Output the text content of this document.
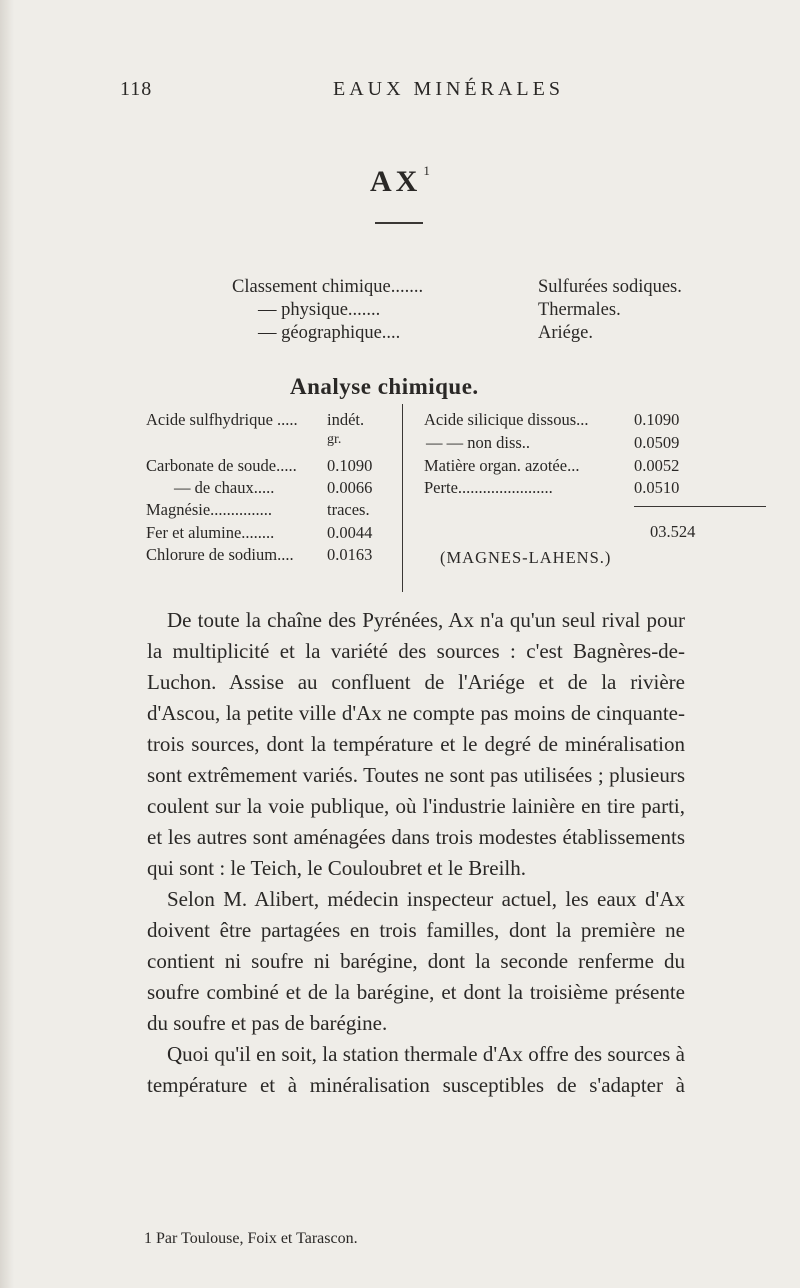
118	EAUX MINÉRALES
AX $^1$
Classement chimique.......	Sulfurées sodiques.
— physique.......	Thermales.
— géographique....	Ariége.
Analyse chimique.
Acide sulfhydrique ..... indét.
gr.
Carbonate de soude..... 0.1090
— de chaux.....	0.0066
Magnésie...............	traces.
Fer et alumine........	0.0044
Chlorure de sodium.... 0.0163
Acide silicique dissous...	0.1090
— — non diss..	0.0509
Matière organ. azotée...	0.0052
Perte.......................	0.0510
03.524
(MAGNES-LAHENS.)

De toute la chaîne des Pyrénées, Ax n'a qu'un seul rival pour la multiplicité et la variété des sources : c'est Bagnères-de-Luchon. Assise au confluent de l'Ariége et de la rivière d'Ascou, la petite ville d'Ax ne compte pas moins de cinquante-trois sources, dont la température et le degré de minéralisation sont extrêmement variés. Toutes ne sont pas utilisées ; plusieurs coulent sur la voie publique, où l'industrie lainière en tire parti, et les autres sont aménagées dans trois modestes établissements qui sont : le Teich, le Couloubret et le Breilh.

Selon M. Alibert, médecin inspecteur actuel, les eaux d'Ax doivent être partagées en trois familles, dont la première ne contient ni soufre ni barégine, dont la seconde renferme du soufre combiné et de la barégine, et dont la troisième présente du soufre et pas de barégine.

Quoi qu'il en soit, la station thermale d'Ax offre des sources à température et à minéralisation susceptibles de s'adapter à

1 Par Toulouse, Foix et Tarascon.
